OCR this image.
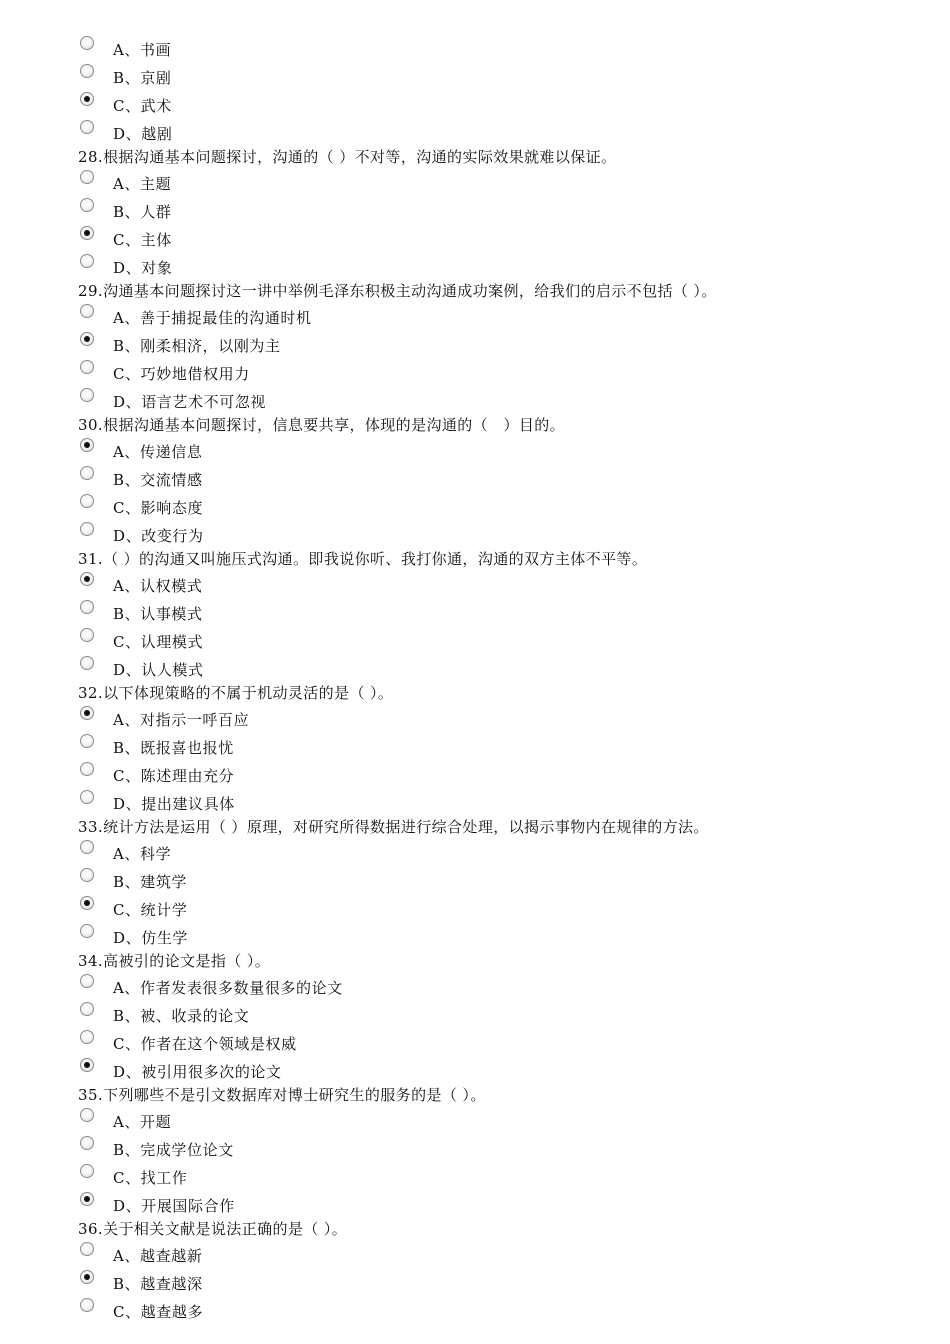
A、书画
B、京剧
C、武术
D、越剧
28.根据沟通基本问题探讨，沟通的（ ）不对等，沟通的实际效果就难以保证。
A、主题
B、人群
C、主体
D、对象
29.沟通基本问题探讨这一讲中举例毛泽东积极主动沟通成功案例，给我们的启示不包括（ ）。
A、善于捕捉最佳的沟通时机
B、刚柔相济，以刚为主
C、巧妙地借权用力
D、语言艺术不可忽视
30.根据沟通基本问题探讨，信息要共享，体现的是沟通的（　）目的。
A、传递信息
B、交流情感
C、影响态度
D、改变行为
31.（ ）的沟通又叫施压式沟通。即我说你听、我打你通，沟通的双方主体不平等。
A、认权模式
B、认事模式
C、认理模式
D、认人模式
32.以下体现策略的不属于机动灵活的是（ ）。
A、对指示一呼百应
B、既报喜也报忧
C、陈述理由充分
D、提出建议具体
33.统计方法是运用（ ）原理，对研究所得数据进行综合处理，以揭示事物内在规律的方法。
A、科学
B、建筑学
C、统计学
D、仿生学
34.高被引的论文是指（ ）。
A、作者发表很多数量很多的论文
B、被、收录的论文
C、作者在这个领域是权威
D、被引用很多次的论文
35.下列哪些不是引文数据库对博士研究生的服务的是（ ）。
A、开题
B、完成学位论文
C、找工作
D、开展国际合作
36.关于相关文献是说法正确的是（ ）。
A、越查越新
B、越查越深
C、越查越多
